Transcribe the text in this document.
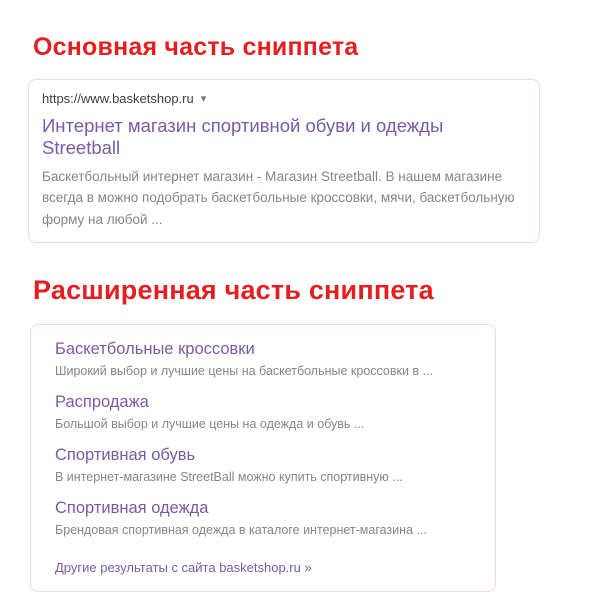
Основная часть сниппета
https://www.basketshop.ru ▾
Интернет магазин спортивной обуви и одежды Streetball
Баскетбольный интернет магазин - Магазин Streetball. В нашем магазине всегда в можно подобрать баскетбольные кроссовки, мячи, баскетбольную форму на любой ...
Расширенная часть сниппета
Баскетбольные кроссовки
Широкий выбор и лучшие цены на баскетбольные кроссовки в ...
Распродажа
Большой выбор и лучшие цены на одежда и обувь ...
Спортивная обувь
В интернет-магазине StreetBall можно купить спортивную ...
Спортивная одежда
Брендовая спортивная одежда в каталоге интернет-магазина ...
Другие результаты с сайта basketshop.ru »
